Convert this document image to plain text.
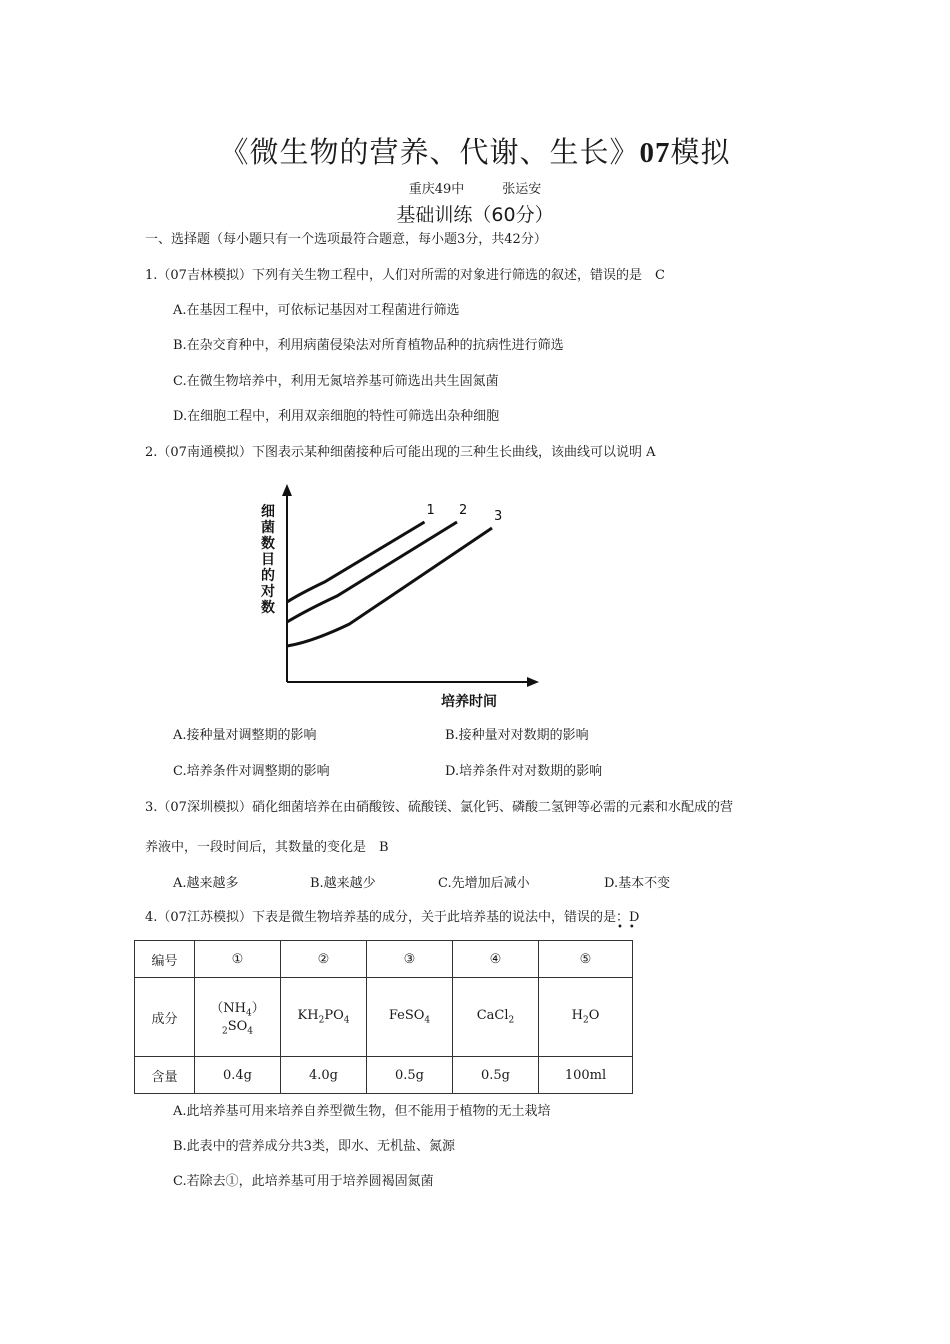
《微生物的营养、代谢、生长》07模拟
重庆49中	张运安
基础训练（60分）
一、选择题（每小题只有一个选项最符合题意，每小题3分，共42分）
1.（07吉林模拟）下列有关生物工程中，人们对所需的对象进行筛选的叙述，错误的是　C
A.在基因工程中，可依标记基因对工程菌进行筛选
B.在杂交育种中，利用病菌侵染法对所育植物品种的抗病性进行筛选
C.在微生物培养中，利用无氮培养基可筛选出共生固氮菌
D.在细胞工程中，利用双亲细胞的特性可筛选出杂种细胞
2.（07南通模拟）下图表示某种细菌接种后可能出现的三种生长曲线，该曲线可以说明 A
细菌数目的对数
培养时间
1 2 3
A.接种量对调整期的影响	B.接种量对对数期的影响
C.培养条件对调整期的影响	D.培养条件对对数期的影响
3.（07深圳模拟）硝化细菌培养在由硝酸铵、硫酸镁、氯化钙、磷酸二氢钾等必需的元素和水配成的营
养液中，一段时间后，其数量的变化是　B
A.越来越多	B.越来越少	C.先增加后减小	D.基本不变
4.（07江苏模拟）下表是微生物培养基的成分，关于此培养基的说法中，错误的是：D
••
编号	①	②	③	④	⑤
成分	$(NH_4)_2SO_4$	$KH_2PO_4$	FeSO$_4$	CaCl$_2$	$H_2O$
含量	0.4g	4.0g	0.5g	0.5g	100ml
A.此培养基可用来培养自养型微生物，但不能用于植物的无土栽培
B.此表中的营养成分共3类，即水、无机盐、氮源
C.若除去①，此培养基可用于培养圆褐固氮菌
